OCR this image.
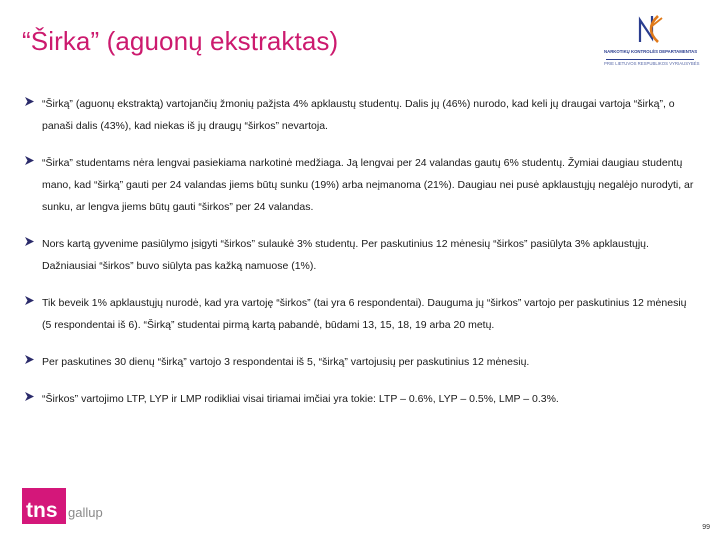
“Širka” (aguonų ekstraktas)	NARKOTIKŲ KONTROLĖS DEPARTAMENTAS
PRIE LIETUVOS RESPUBLIKOS VYRIAUSYBĖS
“Širką” (aguonų ekstraktą) vartojančių žmonių pažįsta 4% apklaustų studentų. Dalis jų (46%) nurodo, kad keli jų draugai vartoja “širką”, o panaši dalis (43%), kad niekas iš jų draugų “širkos” nevartoja.
“Širka” studentams nėra lengvai pasiekiama narkotinė medžiaga. Ją lengvai per 24 valandas gautų 6% studentų. Žymiai daugiau studentų mano, kad “širką” gauti per 24 valandas jiems būtų sunku (19%) arba neįmanoma (21%). Daugiau nei pusė apklaustųjų negalėjo nurodyti, ar sunku, ar lengva jiems būtų gauti “širkos” per 24 valandas.
Nors kartą gyvenime pasiūlymo įsigyti “širkos” sulaukė 3% studentų. Per paskutinius 12 mėnesių “širkos” pasiūlyta 3% apklaustųjų. Dažniausiai “širkos” buvo siūlyta pas kažką namuose (1%).
Tik beveik 1% apklaustųjų nurodė, kad yra vartoję “širkos” (tai yra 6 respondentai). Dauguma jų “širkos” vartojo per paskutinius 12 mėnesių (5 respondentai iš 6). “Širką” studentai pirmą kartą pabandė, būdami 13, 15, 18, 19 arba 20 metų.
Per paskutines 30 dienų “širką” vartojo 3 respondentai iš 5, “širką” vartojusių per paskutinius 12 mėnesių.
“Širkos” vartojimo LTP, LYP ir LMP rodikliai visai tiriamai imčiai yra tokie: LTP – 0.6%, LYP – 0.5%, LMP – 0.3%.
tns gallup
99
